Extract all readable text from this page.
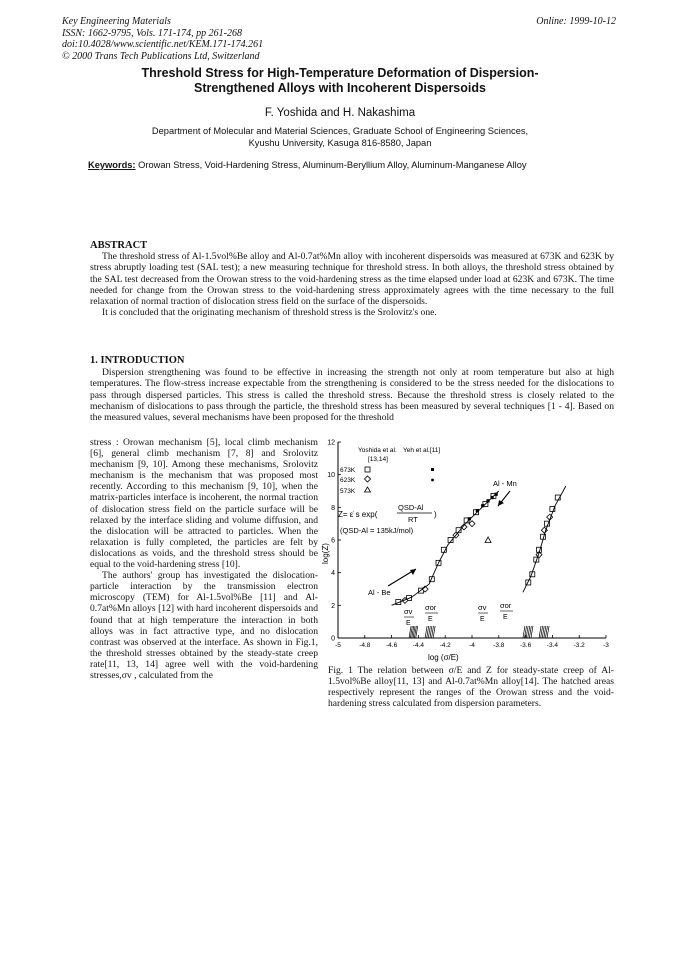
Key Engineering Materials
ISSN: 1662-9795, Vols. 171-174, pp 261-268
doi:10.4028/www.scientific.net/KEM.171-174.261
© 2000 Trans Tech Publications Ltd, Switzerland
Online: 1999-10-12
Threshold Stress for High-Temperature Deformation of Dispersion-
Strengthened Alloys with Incoherent Dispersoids
F. Yoshida and H. Nakashima
Department of Molecular and Material Sciences, Graduate School of Engineering Sciences,
Kyushu University, Kasuga 816-8580, Japan
Keywords: Orowan Stress, Void-Hardening Stress, Aluminum-Beryllium Alloy, Aluminum-Manganese Alloy
ABSTRACT

The threshold stress of Al-1.5vol%Be alloy and Al-0.7at%Mn alloy with incoherent dispersoids was measured at 673K and 623K by stress abruptly loading test (SAL test); a new measuring technique for threshold stress. In both alloys, the threshold stress obtained by the SAL test decreased from the Orowan stress to the void-hardening stress as the time elapsed under load at 623K and 673K. The time needed for change from the Orowan stress to the void-hardening stress approximately agrees with the time necessary to the full relaxation of normal traction of dislocation stress field on the surface of the dispersoids.

It is concluded that the originating mechanism of threshold stress is the Srolovitz's one.

1. INTRODUCTION

Dispersion strengthening was found to be effective in increasing the strength not only at room temperature but also at high temperatures. The flow-stress increase expectable from the strengthening is considered to be the stress needed for the dislocations to pass through dispersed particles. This stress is called the threshold stress. Because the threshold stress is closely related to the mechanism of dislocations to pass through the particle, the threshold stress has been measured by several techniques [1 - 4]. Based on the measured values, several mechanisms have been proposed for the threshold

stress : Orowan mechanism [5], local climb mechanism [6], general climb mechanism [7, 8] and Srolovitz mechanism [9, 10]. Among these mechanisms, Srolovitz mechanism is the mechanism that was proposed most recently. According to this mechanism [9, 10], when the matrix-particles interface is incoherent, the normal traction of dislocation stress field on the particle surface will be relaxed by the interface sliding and volume diffusion, and the dislocation will be attracted to particles. When the relaxation is fully completed, the particles are felt by dislocations as voids, and the threshold stress should be equal to the void-hardening stress [10].

The authors' group has investigated the dislocation-particle interaction by the transmission electron microscopy (TEM) for Al-1.5vol%Be [11] and Al-0.7at%Mn alloys [12] with hard incoherent dispersoids and found that at high temperature the interaction in both alloys was in fact attractive type, and no dislocation contrast was observed at the interface. As shown in Fig.1, the threshold stresses obtained by the steady-state creep rate[11, 13, 14] agree well with the void-hardening stresses,σv , calculated from the

-5	-4.8 -4.6 -4.4 -4.2	-4	-3.8 -3.6 -3.4 -3.2	-3
0
2
4
6
8
10
12
Yoshida et al. Yeh et al.[11]
[13,14]
673K
623K
573K
Z= ε̇ s exp(
QSD-Al
RT
)
(QSD-Al = 135kJ/mol)
Al - Be
Al - Mn
σv
E
σor
E
σv
E
σor
E
log (σ/E)
log(Z)
Fig. 1 The relation between σ/E and Z for steady-state creep of Al-1.5vol%Be alloy[11, 13] and Al-0.7at%Mn alloy[14]. The hatched areas respectively represent the ranges of the Orowan stress and the void-hardening stress calculated from dispersion parameters.
